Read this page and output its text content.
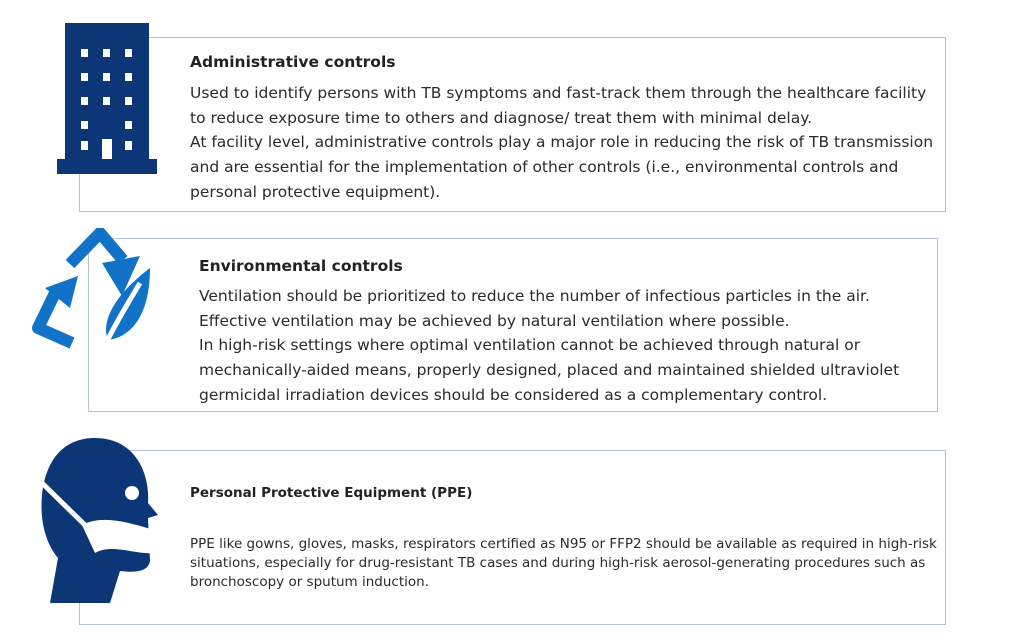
Administrative controls

Used to identify persons with TB symptoms and fast-track them through the healthcare facility to reduce exposure time to others and diagnose/ treat them with minimal delay.

At facility level, administrative controls play a major role in reducing the risk of TB transmission and are essential for the implementation of other controls (i.e., environmental controls and personal protective equipment).

Environmental controls

Ventilation should be prioritized to reduce the number of infectious particles in the air. Effective ventilation may be achieved by natural ventilation where possible.

In high-risk settings where optimal ventilation cannot be achieved through natural or mechanically-aided means, properly designed, placed and maintained shielded ultraviolet germicidal irradiation devices should be considered as a complementary control.

Personal Protective Equipment (PPE)

PPE like gowns, gloves, masks, respirators certified as N95 or FFP2 should be available as required in high-risk situations, especially for drug-resistant TB cases and during high-risk aerosol-generating procedures such as bronchoscopy or sputum induction.
